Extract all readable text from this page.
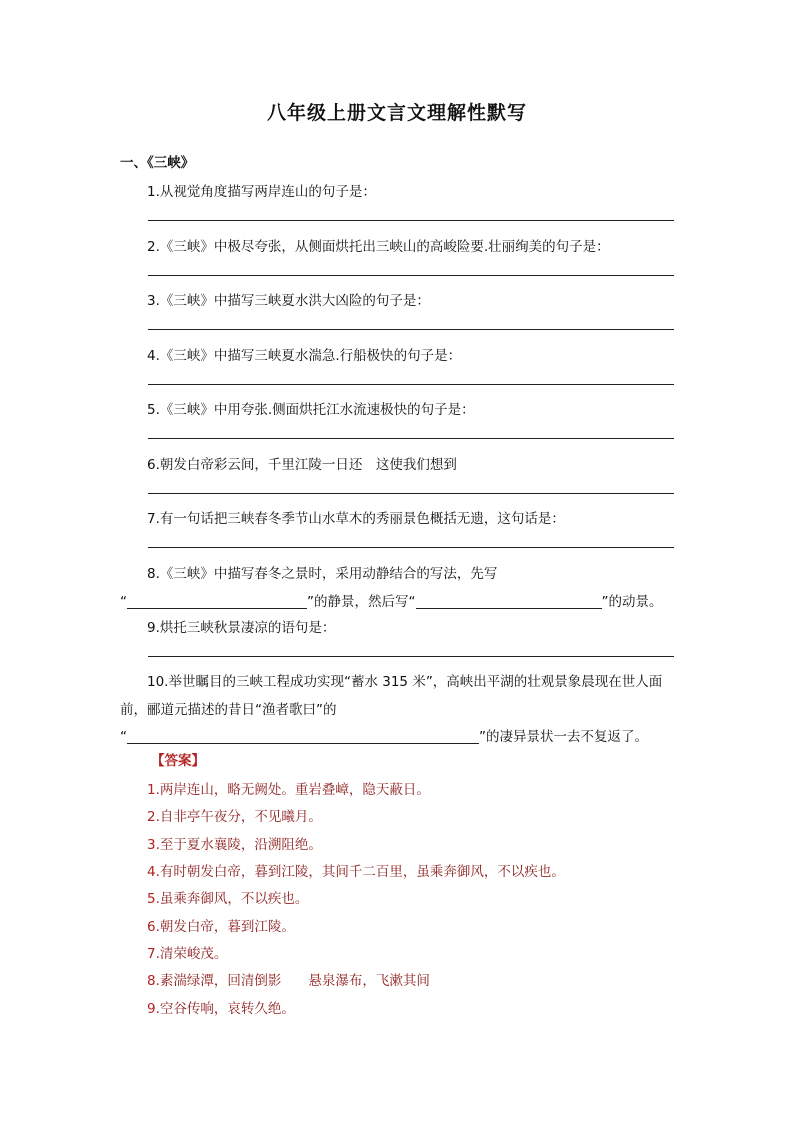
八年级上册文言文理解性默写
一、《三峡》
1.从视觉角度描写两岸连山的句子是：
2.《三峡》中极尽夸张，从侧面烘托出三峡山的高峻险要.壮丽绚美的句子是：
3.《三峡》中描写三峡夏水洪大凶险的句子是：
4.《三峡》中描写三峡夏水湍急.行船极快的句子是：
5.《三峡》中用夸张.侧面烘托江水流速极快的句子是：
6.朝发白帝彩云间，千里江陵一日还　这使我们想到
7.有一句话把三峡春冬季节山水草木的秀丽景色概括无遗，这句话是：
8.《三峡》中描写春冬之景时，采用动静结合的写法，先写
“	”的静景，然后写“	”的动景。
9.烘托三峡秋景凄凉的语句是：
10.举世瞩目的三峡工程成功实现“蓄水 315 米”，高峡出平湖的壮观景象晨现在世人面
前，郦道元描述的昔日“渔者歌曰”的
“	”的凄异景状一去不复返了。
【答案】
1.两岸连山，略无阙处。重岩叠嶂，隐天蔽日。
2.自非亭午夜分，不见曦月。
3.至于夏水襄陵，沿溯阻绝。
4.有时朝发白帝，暮到江陵，其间千二百里，虽乘奔御风，不以疾也。
5.虽乘奔御风，不以疾也。
6.朝发白帝，暮到江陵。
7.清荣峻茂。
8.素湍绿潭，回清倒影　　悬泉瀑布，飞漱其间
9.空谷传响，哀转久绝。
